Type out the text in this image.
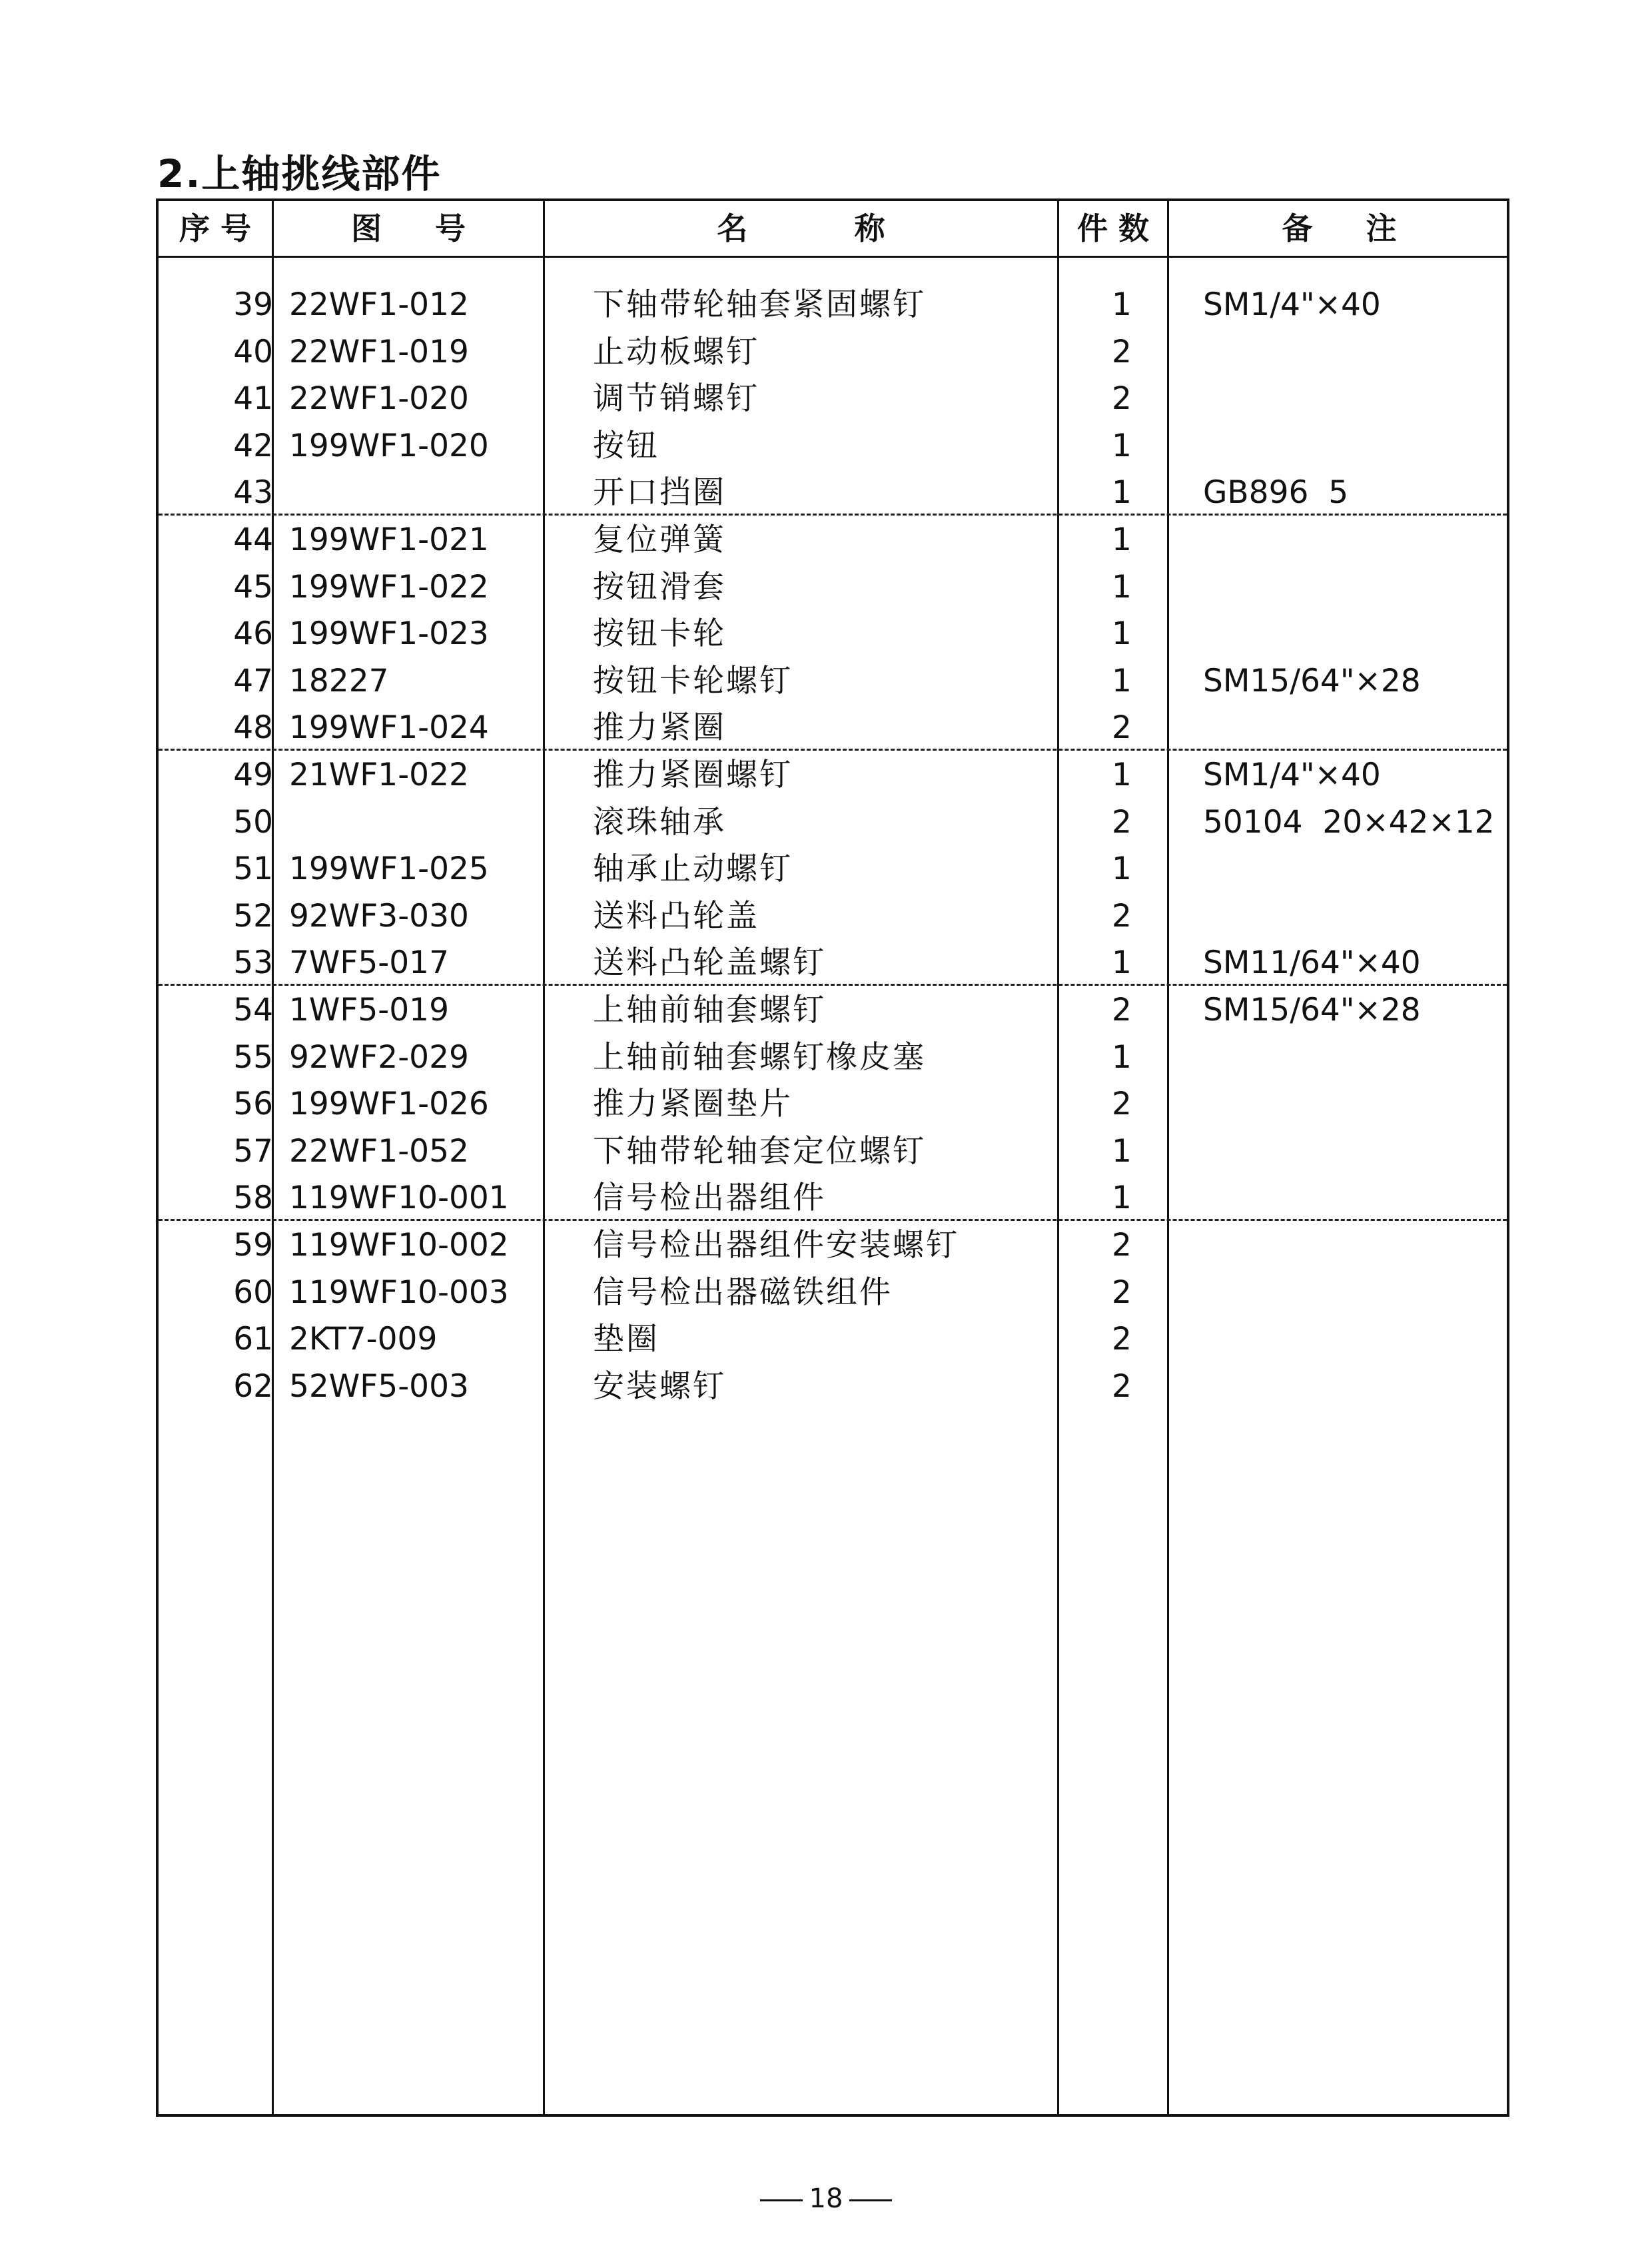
2.上轴挑线部件
序 号	图     号	名          称	件 数	备     注
39 22WF1-012	下轴带轮轴套紧固螺钉	1	SM1/4"×40
40 22WF1-019	止动板螺钉	2
41 22WF1-020	调节销螺钉	2
42 199WF1-020	按钮	1
43	开口挡圈	1	GB896  5
44 199WF1-021	复位弹簧	1
45 199WF1-022	按钮滑套	1
46 199WF1-023	按钮卡轮	1
47 18227	按钮卡轮螺钉	1	SM15/64"×28
48 199WF1-024	推力紧圈	2
49 21WF1-022	推力紧圈螺钉	1	SM1/4"×40
50	滚珠轴承	2	50104  20×42×12
51 199WF1-025	轴承止动螺钉	1
52 92WF3-030	送料凸轮盖	2
53 7WF5-017	送料凸轮盖螺钉	1	SM11/64"×40
54 1WF5-019	上轴前轴套螺钉	2	SM15/64"×28
55 92WF2-029	上轴前轴套螺钉橡皮塞	1
56 199WF1-026	推力紧圈垫片	2
57 22WF1-052	下轴带轮轴套定位螺钉	1
58 119WF10-001	信号检出器组件	1
59 119WF10-002	信号检出器组件安装螺钉	2
60 119WF10-003	信号检出器磁铁组件	2
61 2KT7-009	垫圈	2
62 52WF5-003	安装螺钉	2
18
